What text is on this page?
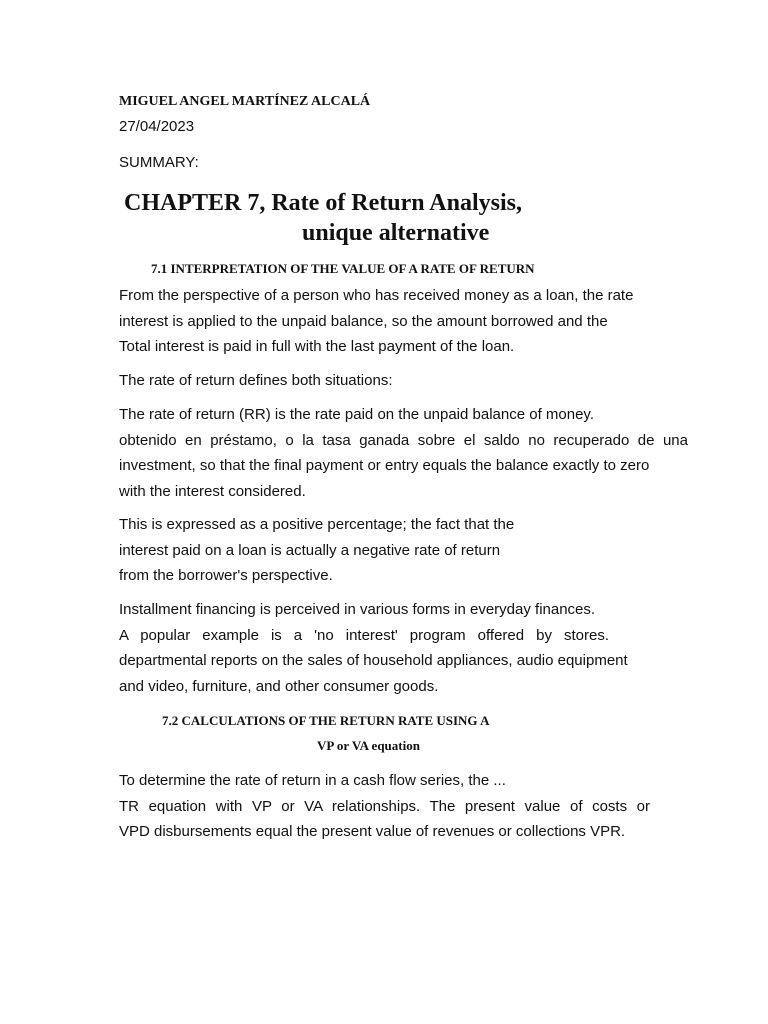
MIGUEL ANGEL MARTÍNEZ ALCALÁ

27/04/2023

SUMMARY:

CHAPTER 7, Rate of Return Analysis,
unique alternative
7.1 INTERPRETATION OF THE VALUE OF A RATE OF RETURN
From the perspective of a person who has received money as a loan, the rate
interest is applied to the unpaid balance, so the amount borrowed and the
Total interest is paid in full with the last payment of the loan.
The rate of return defines both situations:
The rate of return (RR) is the rate paid on the unpaid balance of money.
obtenido en préstamo, o la tasa ganada sobre el saldo no recuperado de una
investment, so that the final payment or entry equals the balance exactly to zero
with the interest considered.
This is expressed as a positive percentage; the fact that the
interest paid on a loan is actually a negative rate of return
from the borrower's perspective.
Installment financing is perceived in various forms in everyday finances.
A popular example is a 'no interest' program offered by stores.
departmental reports on the sales of household appliances, audio equipment
and video, furniture, and other consumer goods.
7.2 CALCULATIONS OF THE RETURN RATE USING A
VP or VA equation
To determine the rate of return in a cash flow series, the ...
TR equation with VP or VA relationships. The present value of costs or
VPD disbursements equal the present value of revenues or collections VPR.
